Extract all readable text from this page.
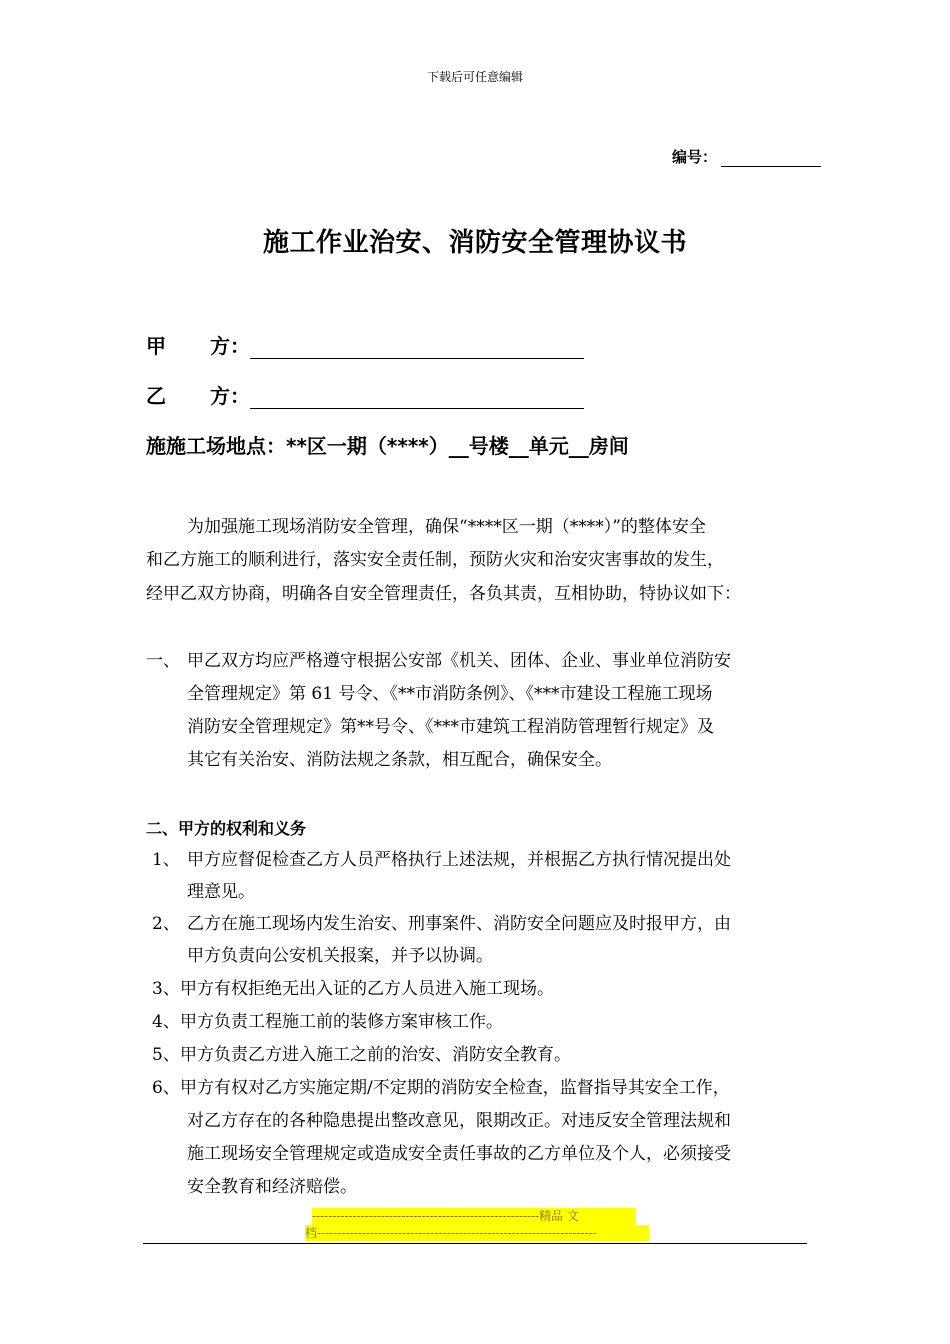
下载后可任意编辑
编号：
施工作业治安、消防安全管理协议书
甲 方：
乙 方：
施施工场地点：**区一期（****）__号楼__单元__房间
为加强施工现场消防安全管理，确保“****区一期（****）”的整体安全
和乙方施工的顺利进行，落实安全责任制，预防火灾和治安灾害事故的发生，
经甲乙双方协商，明确各自安全管理责任，各负其责，互相协助，特协议如下：
一、 甲乙双方均应严格遵守根据公安部《机关、团体、企业、事业单位消防安
全管理规定》第 61 号令、《**市消防条例》、《***市建设工程施工现场
消防安全管理规定》第**号令、《***市建筑工程消防管理暂行规定》及
其它有关治安、消防法规之条款，相互配合，确保安全。
二、甲方的权利和义务
1、 甲方应督促检查乙方人员严格执行上述法规，并根据乙方执行情况提出处
理意见。
2、 乙方在施工现场内发生治安、刑事案件、消防安全问题应及时报甲方，由
甲方负责向公安机关报案，并予以协调。
3、 甲方有权拒绝无出入证的乙方人员进入施工现场。
4、 甲方负责工程施工前的装修方案审核工作。
5、 甲方负责乙方进入施工之前的治安、消防安全教育。
6、 甲方有权对乙方实施定期/不定期的消防安全检查，监督指导其安全工作，
对乙方存在的各种隐患提出整改意见，限期改正。对违反安全管理法规和
施工现场安全管理规定或造成安全责任事故的乙方单位及个人，必须接受
安全教育和经济赔偿。
--------------------------------------------------------精品 文
档---------------------------------------------------------------------
